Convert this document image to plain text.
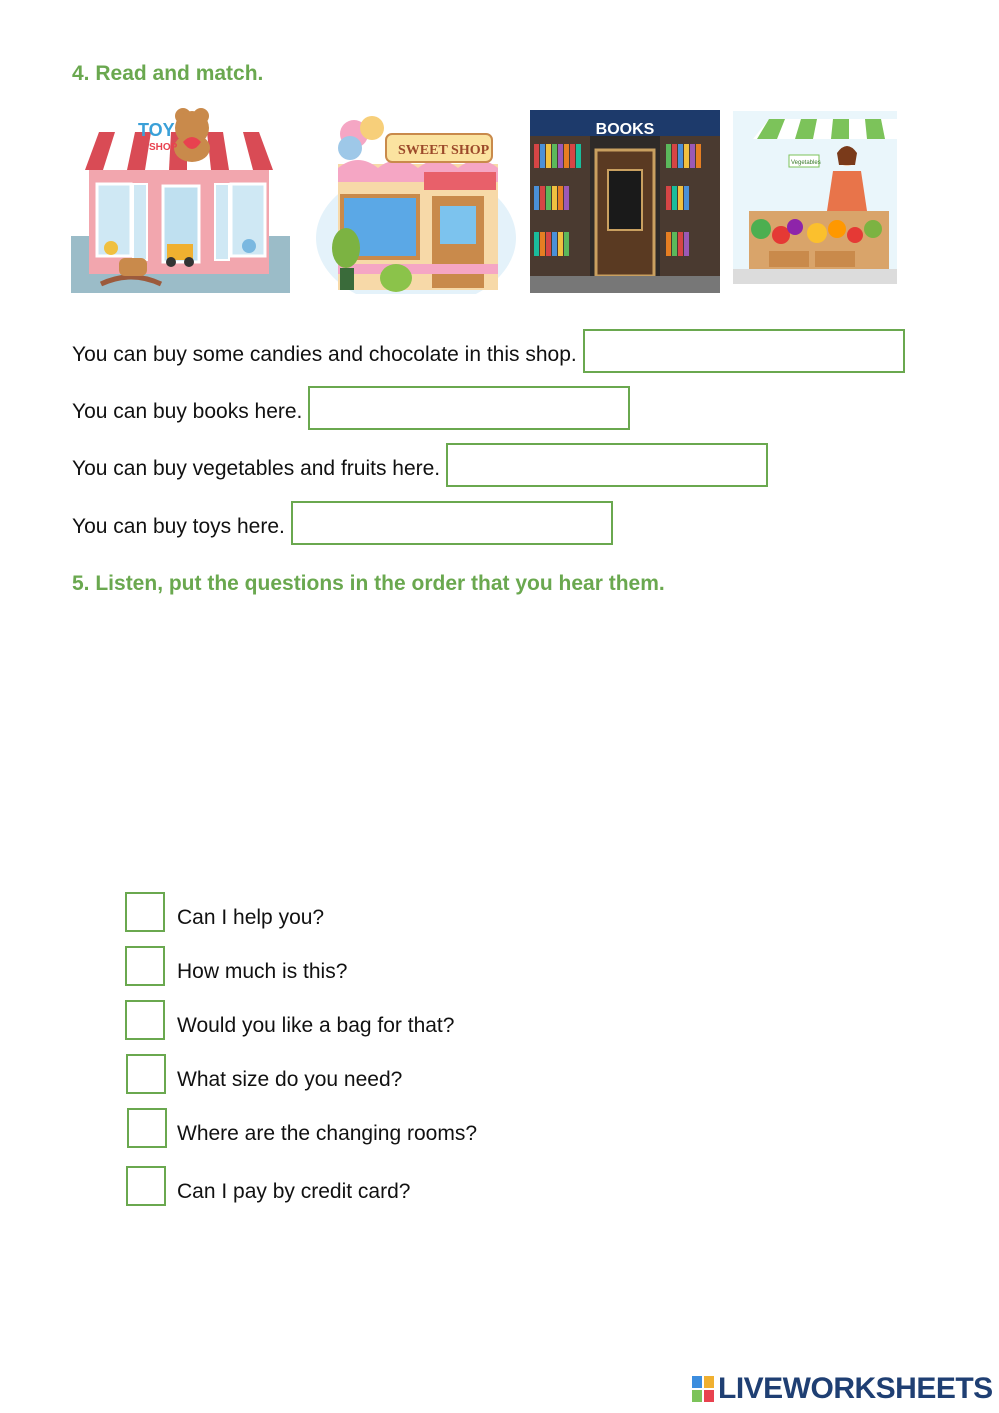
4. Read and match.
TOY
SHOP	SWEET SHOP
BOOKS
Vegetables
You can buy some candies and chocolate in this shop.
You can buy books here.
You can buy vegetables and fruits here.
You can buy toys here.
5. Listen, put the questions in the order that you hear them.
Can I help you?
How much is this?
Would you like a bag for that?
What size do you need?
Where are the changing rooms?
Can I pay by credit card?
LIVEWORKSHEETS
